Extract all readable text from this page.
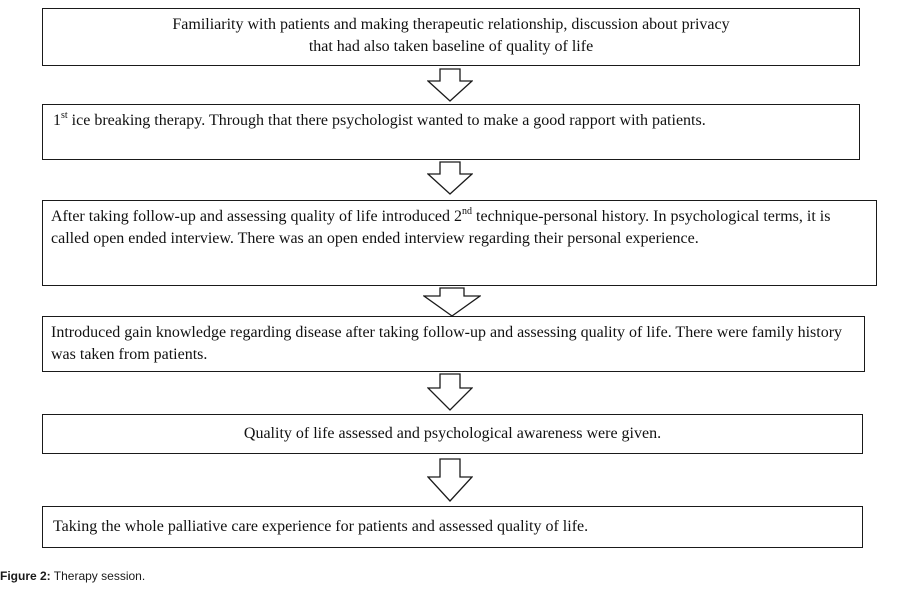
Familiarity with patients and making therapeutic relationship, discussion about privacy
that had also taken baseline of quality of life
1st ice breaking therapy. Through that there psychologist wanted to make a good rapport with patients.
After taking follow-up and assessing quality of life introduced 2nd technique-personal history. In psychological terms, it is called open ended interview. There was an open ended interview regarding their personal experience.
Introduced gain knowledge regarding disease after taking follow-up and assessing quality of life. There were family history was taken from patients.
Quality of life assessed and psychological awareness were given.
Taking the whole palliative care experience for patients and assessed quality of life.
Figure 2: Therapy session.
